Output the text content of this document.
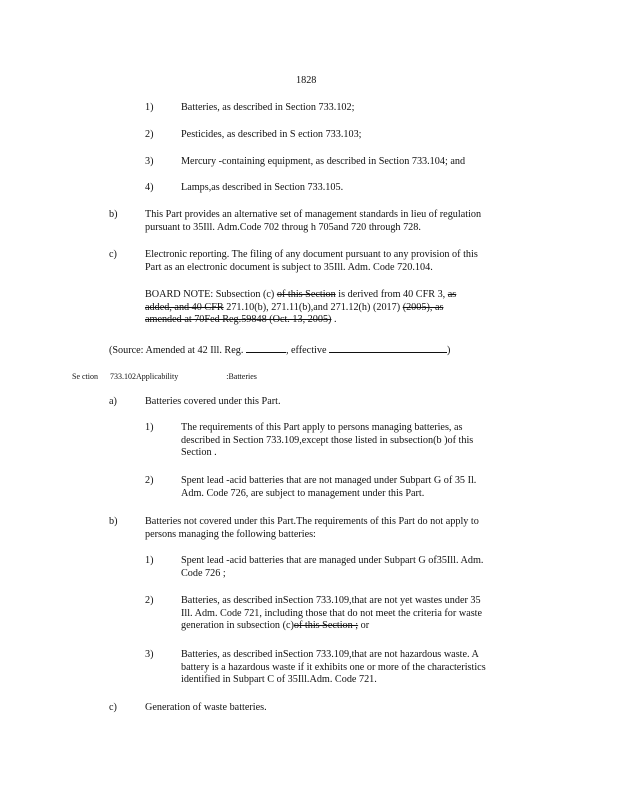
1828
1)	Batteries, as described in Section 733.102;
2)	Pesticides, as described in S ection 733.103;
3)	Mercury -containing equipment, as described in Section 733.104; and
4)	Lamps,as described in Section 733.105.
b)	This Part provides an alternative set of management standards in lieu of regulation
pursuant to 35Ill. Adm.Code 702 throug h 705and 720 through 728.
c)	Electronic reporting. The filing of any document pursuant to any provision of this
Part as an electronic document is subject to 35Ill. Adm. Code 720.104.
BOARD NOTE: Subsection (c) of this Section is derived from 40 CFR 3, as
added, and 40 CFR 271.10(b), 271.11(b),and 271.12(h) (2017) (2005), as
amended at 70Fed Reg.59848 (Oct. 13, 2005) .
(Source: Amended at 42 Ill. Reg.	, effective	)
Se ction 733.102Applicability	:Batteries
a)	Batteries covered under this Part.
1)	The requirements of this Part apply to persons managing batteries, as
described in Section 733.109,except those listed in subsection(b )of this
Section .
2)	Spent lead -acid batteries that are not managed under Subpart G of 35 Il.
Adm. Code 726, are subject to management under this Part.
b)	Batteries not covered under this Part.The requirements of this Part do not apply to
persons managing the following batteries:
1)	Spent lead -acid batteries that are managed under Subpart G of35Ill. Adm.
Code 726 ;
2)	Batteries, as described inSection 733.109,that are not yet wastes under 35
Ill. Adm. Code 721, including those that do not meet the criteria for waste
generation in subsection (c)of this Section ; or
3)	Batteries, as described inSection 733.109,that are not hazardous waste. A
battery is a hazardous waste if it exhibits one or more of the characteristics
identified in Subpart C of 35Ill.Adm. Code 721.
c)	Generation of waste batteries.
